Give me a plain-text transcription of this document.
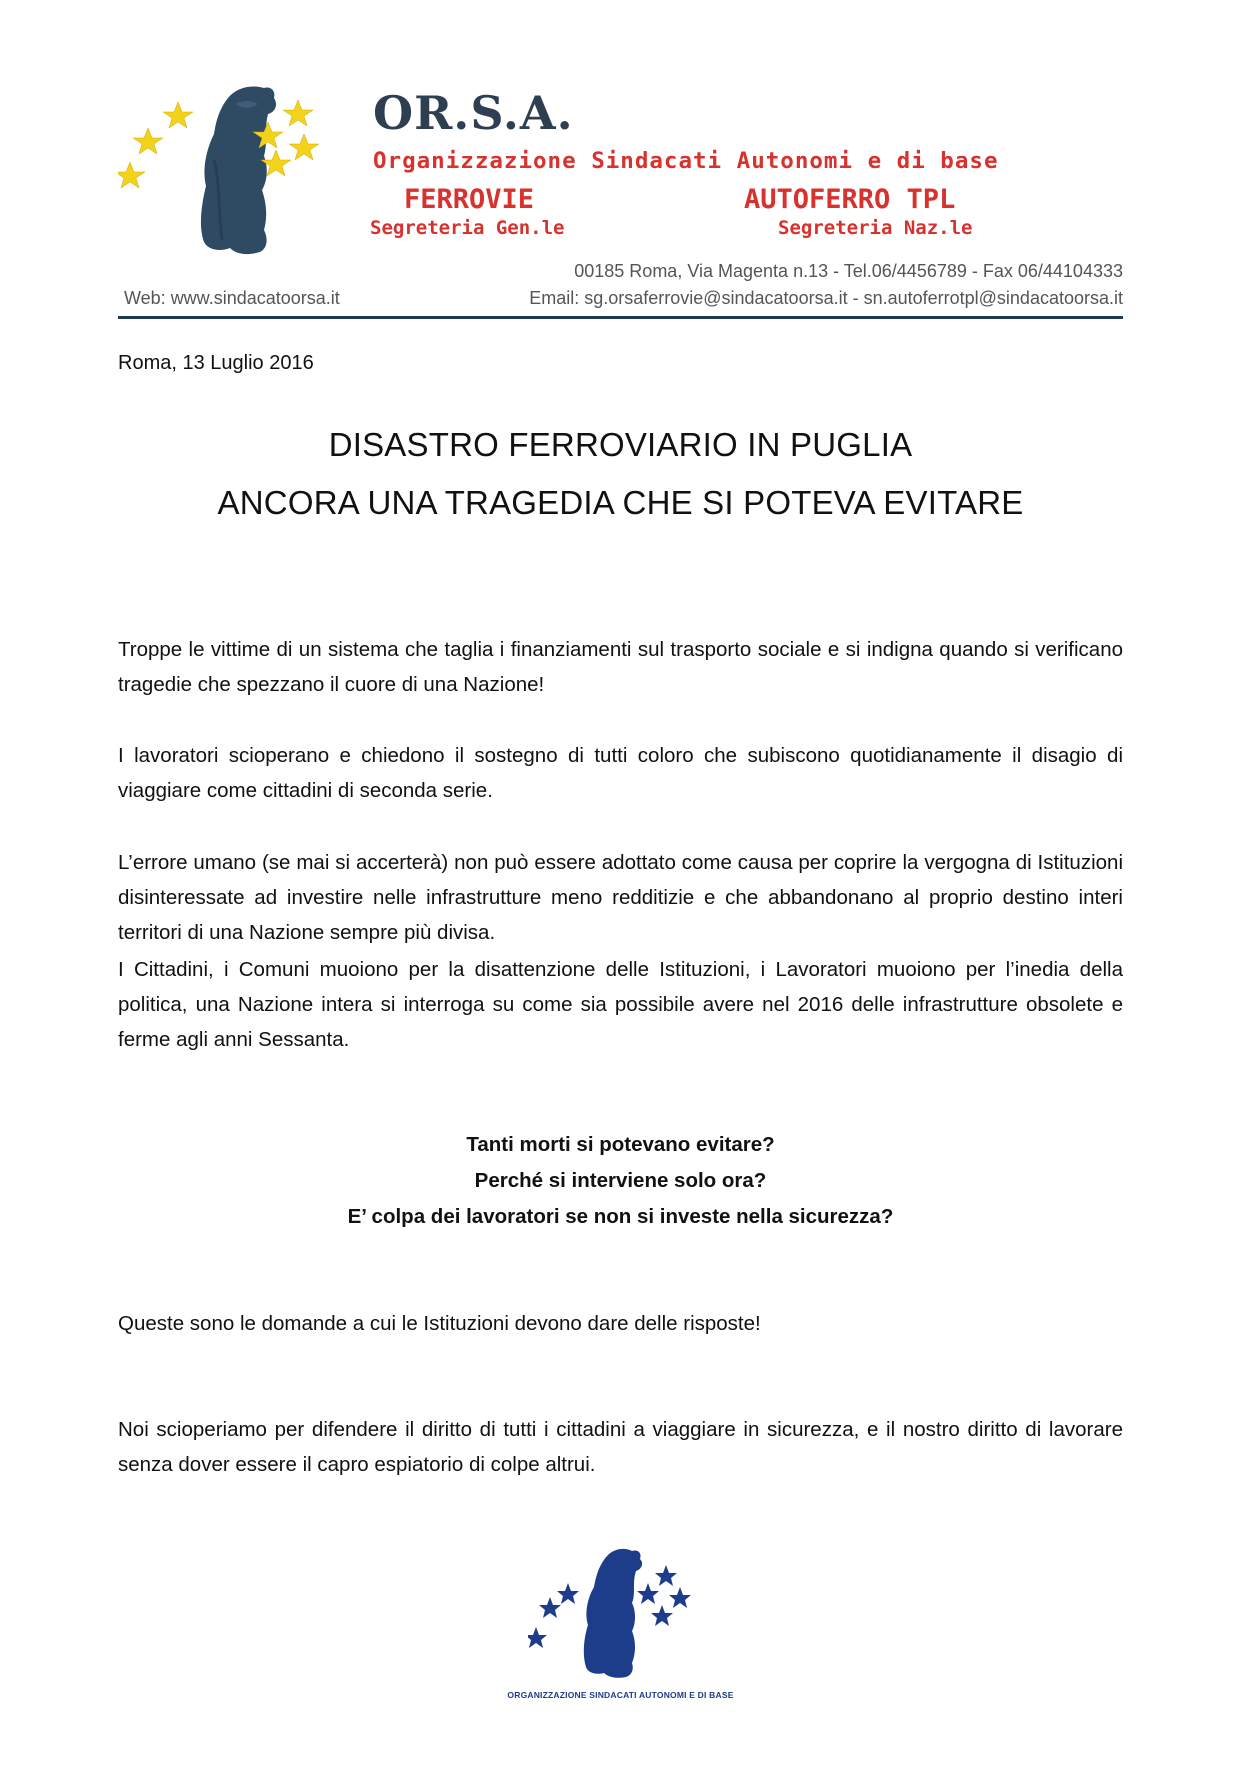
OR.S.A.
Organizzazione Sindacati Autonomi e di base
FERROVIE
Segreteria Gen.le
AUTOFERRO TPL
Segreteria Naz.le
Web: www.sindacatoorsa.it
00185 Roma, Via Magenta n.13 - Tel.06/4456789 - Fax 06/44104333
Email: sg.orsaferrovie@sindacatoorsa.it - sn.autoferrotpl@sindacatoorsa.it
Roma, 13 Luglio 2016
DISASTRO FERROVIARIO IN PUGLIA
ANCORA UNA TRAGEDIA CHE SI POTEVA EVITARE

Troppe le vittime di un sistema che taglia i finanziamenti sul trasporto sociale e si indigna quando si verificano tragedie che spezzano il cuore di una Nazione!

I lavoratori scioperano e chiedono il sostegno di tutti coloro che subiscono quotidianamente il disagio di viaggiare come cittadini di seconda serie.

L’errore umano (se mai si accerterà) non può essere adottato come causa per coprire la vergogna di Istituzioni disinteressate ad investire nelle infrastrutture meno redditizie e che abbandonano al proprio destino interi territori di una Nazione sempre più divisa.

I Cittadini, i Comuni muoiono per la disattenzione delle Istituzioni, i Lavoratori muoiono per l’inedia della politica, una Nazione intera si interroga su come sia possibile avere nel 2016 delle infrastrutture obsolete e ferme agli anni Sessanta.

Tanti morti si potevano evitare?
Perché si interviene solo ora?
E’ colpa dei lavoratori se non si investe nella sicurezza?

Queste sono le domande a cui le Istituzioni devono dare delle risposte!

Noi scioperiamo per difendere il diritto di tutti i cittadini a viaggiare in sicurezza, e il nostro diritto di lavorare senza dover essere il capro espiatorio di colpe altrui.

ORGANIZZAZIONE SINDACATI AUTONOMI E DI BASE
